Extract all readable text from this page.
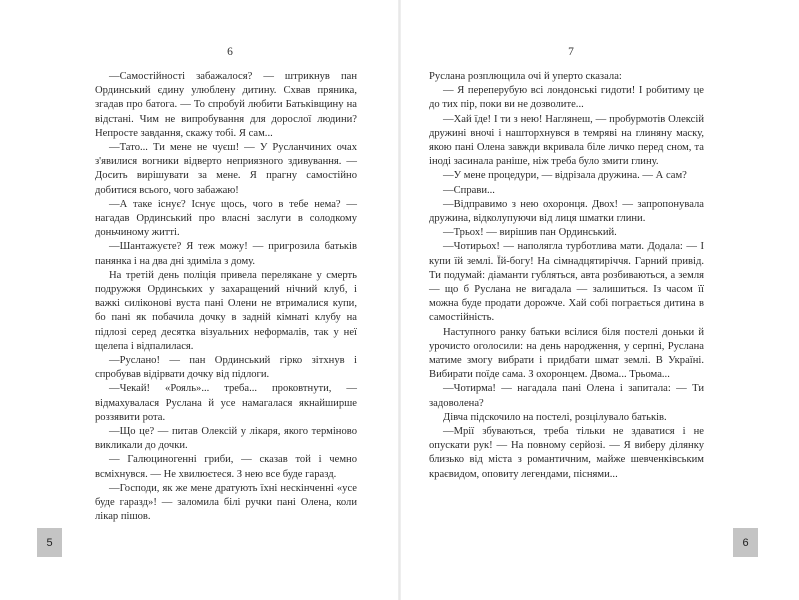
6

—Самостійності забажалося? — штрикнув пан Ординський єдину улюблену дитину. Схвав пряника, згадав про батога. — То спробуй любити Батьківщину на відстані. Чим не випробування для дорослої людини? Непросте завдання, скажу тобі. Я сам...

—Тато... Ти мене не чуєш! — У Русланчиних очах з'явилися вогники відверто неприязного здивування. — Досить вирішувати за мене. Я прагну самостійно добитися всього, чого забажаю!

—А таке існує? Існує щось, чого в тебе нема? — нагадав Ординський про власні заслуги в солодкому доньчиному житті.

—Шантажуєте? Я теж можу! — пригрозила батьків панянка і на два дні здиміла з дому.

На третій день поліція привела перелякане у смерть подружжя Ординських у захаращений нічний клуб, і важкі силіконові вуста пані Олени не втрималися купи, бо пані як побачила дочку в задній кімнаті клубу на підлозі серед десятка візуальних неформалів, так у неї щелепа і відпалилася.

—Руслано! — пан Ординський гірко зітхнув і спробував відірвати дочку від підлоги.

—Чекай! «Рояль»... треба... проковтнути, — відмахувалася Руслана й усе намагалася якнайширше роззявити рота.

—Що це? — питав Олексій у лікаря, якого терміново викликали до дочки.

— Галюциногенні гриби, — сказав той і чемно всміхнувся. — Не хвилюєтеся. З нею все буде гаразд.

—Господи, як же мене дратують їхні нескінченні «усе буде гаразд»! — заломила білі ручки пані Олена, коли лікар пішов.

5
7

Руслана розплющила очі й уперто сказала:

— Я переперубую всі лондонські гидоти! І робитиму це до тих пір, поки ви не дозволите...

—Хай їде! І ти з нею! Наглянеш, — пробурмотів Олексій дружині вночі і нашторхнувся в темряві на глиняну маску, якою пані Олена завжди вкривала біле личко перед сном, та іноді засинала раніше, ніж треба було змити глину.

—У мене процедури, — відрізала дружина. — А сам?

—Справи...

—Відправимо з нею охоронця. Двох! — запропонувала дружина, відколупуючи від лиця шматки глини.

—Трьох! — вирішив пан Ординський.

—Чотирьох! — наполягла турботлива мати. Додала: — І купи їй землі. Їй-богу! На сімнадцятиріччя. Гарний привід. Ти подумай: діаманти губляться, авта розбиваються, а земля — що б Руслана не вигадала — залишиться. Із часом її можна буде продати дорожче. Хай собі пограється дитина в самостійність.

Наступного ранку батьки всілися біля постелі доньки й урочисто оголосили: на день народження, у серпні, Руслана матиме змогу вибрати і придбати шмат землі. В Україні. Вибирати поїде сама. З охоронцем. Двома... Трьома...

—Чотирма! — нагадала пані Олена і запитала: — Ти задоволена?

Дівча підскочило на постелі, розцілувало батьків.

—Мрії збуваються, треба тільки не здаватися і не опускати рук! — На повному серйозі. — Я виберу ділянку близько від міста з романтичним, майже шевченківським краєвидом, оповиту легендами, піснями...

6
